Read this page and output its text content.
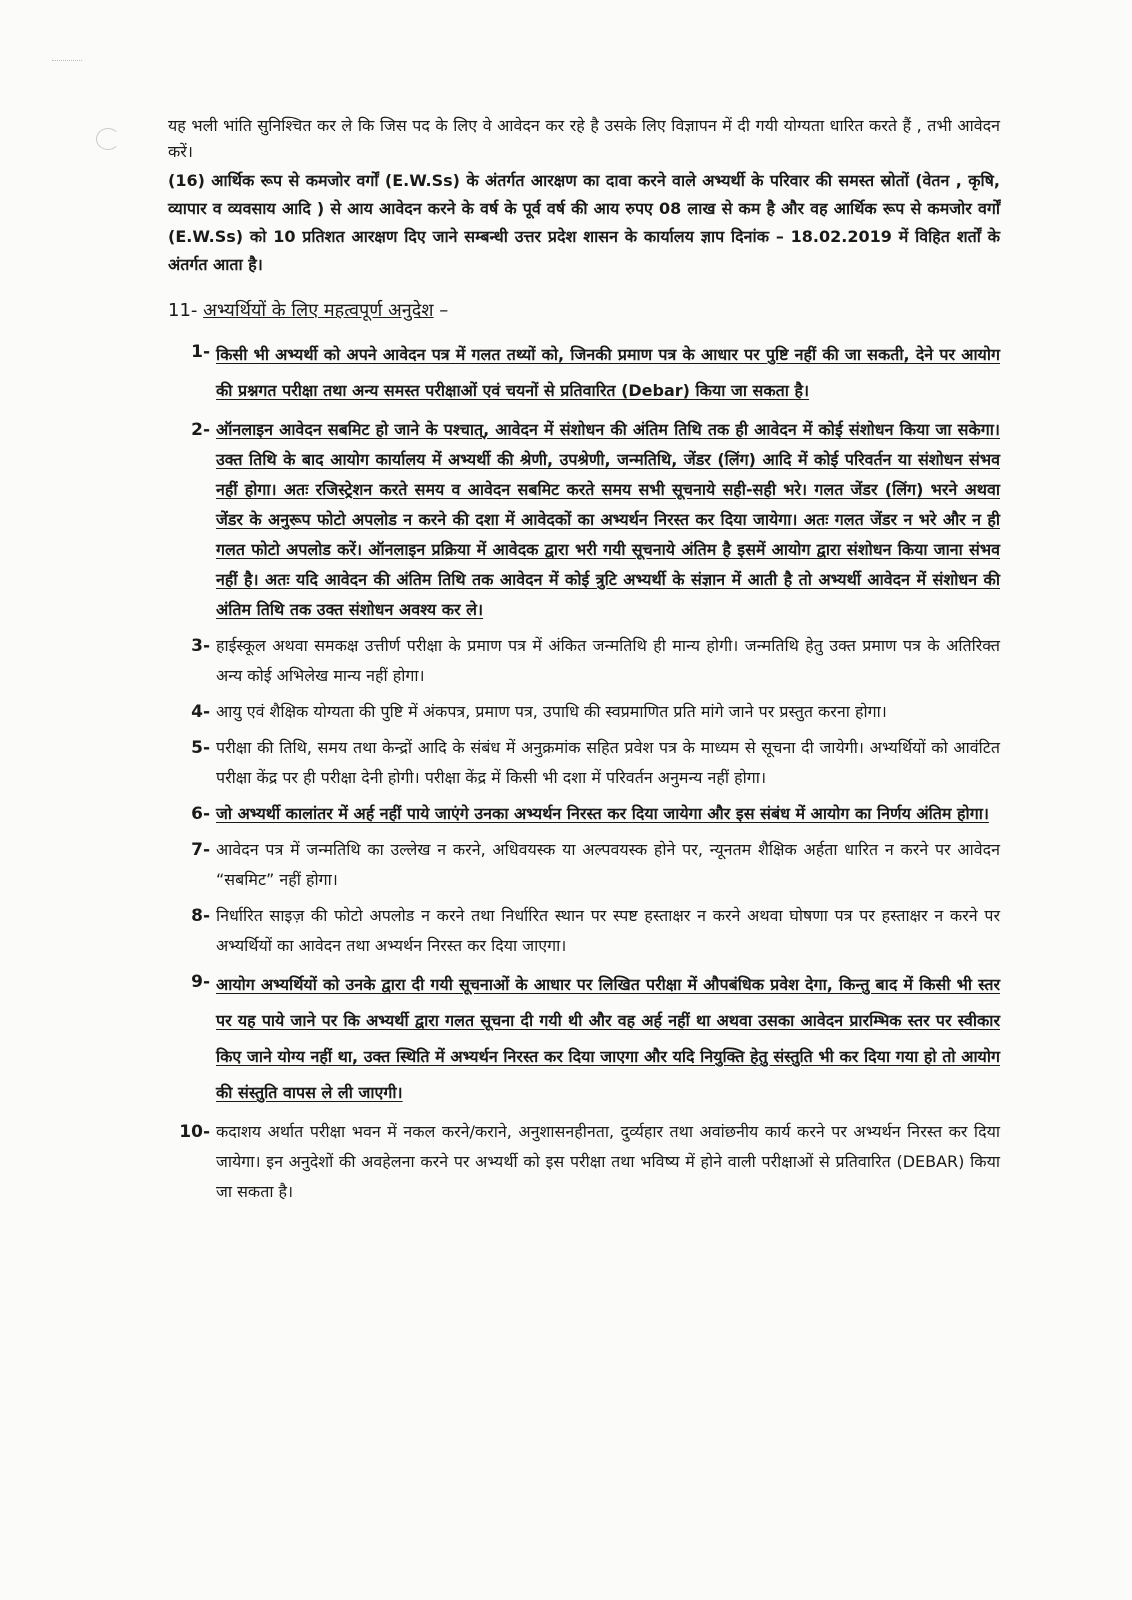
यह भली भांति सुनिश्चित कर ले कि जिस पद के लिए वे आवेदन कर रहे है उसके लिए विज्ञापन में दी गयी योग्यता धारित करते हैं , तभी आवेदन करें।

(16) आर्थिक रूप से कमजोर वर्गों (E.W.Ss) के अंतर्गत आरक्षण का दावा करने वाले अभ्यर्थी के परिवार की समस्त स्रोतों (वेतन , कृषि, व्यापार व व्यवसाय आदि ) से आय आवेदन करने के वर्ष के पूर्व वर्ष की आय रुपए 08 लाख से कम है और वह आर्थिक रूप से कमजोर वर्गों (E.W.Ss) को 10 प्रतिशत आरक्षण दिए जाने सम्बन्धी उत्तर प्रदेश शासन के कार्यालय ज्ञाप दिनांक – 18.02.2019 में विहित शर्तों के अंतर्गत आता है।

11- अभ्यर्थियों के लिए महत्वपूर्ण अनुदेश –
1- किसी भी अभ्यर्थी को अपने आवेदन पत्र में गलत तथ्यों को, जिनकी प्रमाण पत्र के आधार पर पुष्टि नहीं की जा सकती, देने पर आयोग की प्रश्नगत परीक्षा तथा अन्य समस्त परीक्षाओं एवं चयनों से प्रतिवारित (Debar) किया जा सकता है।
2- ऑनलाइन आवेदन सबमिट हो जाने के पश्चात्, आवेदन में संशोधन की अंतिम तिथि तक ही आवेदन में कोई संशोधन किया जा सकेगा। उक्त तिथि के बाद आयोग कार्यालय में अभ्यर्थी की श्रेणी, उपश्रेणी, जन्मतिथि, जेंडर (लिंग) आदि में कोई परिवर्तन या संशोधन संभव नहीं होगा। अतः रजिस्ट्रेशन करते समय व आवेदन सबमिट करते समय सभी सूचनाये सही-सही भरे। गलत जेंडर (लिंग) भरने अथवा जेंडर के अनुरूप फोटो अपलोड न करने की दशा में आवेदकों का अभ्यर्थन निरस्त कर दिया जायेगा। अतः गलत जेंडर न भरे और न ही गलत फोटो अपलोड करें। ऑनलाइन प्रक्रिया में आवेदक द्वारा भरी गयी सूचनाये अंतिम है इसमें आयोग द्वारा संशोधन किया जाना संभव नहीं है। अतः यदि आवेदन की अंतिम तिथि तक आवेदन में कोई त्रुटि अभ्यर्थी के संज्ञान में आती है तो अभ्यर्थी आवेदन में संशोधन की अंतिम तिथि तक उक्त संशोधन अवश्य कर ले।
3- हाईस्कूल अथवा समकक्ष उत्तीर्ण परीक्षा के प्रमाण पत्र में अंकित जन्मतिथि ही मान्य होगी। जन्मतिथि हेतु उक्त प्रमाण पत्र के अतिरिक्त अन्य कोई अभिलेख मान्य नहीं होगा।
4- आयु एवं शैक्षिक योग्यता की पुष्टि में अंकपत्र, प्रमाण पत्र, उपाधि की स्वप्रमाणित प्रति मांगे जाने पर प्रस्तुत करना होगा।
5- परीक्षा की तिथि, समय तथा केन्द्रों आदि के संबंध में अनुक्रमांक सहित प्रवेश पत्र के माध्यम से सूचना दी जायेगी। अभ्यर्थियों को आवंटित परीक्षा केंद्र पर ही परीक्षा देनी होगी। परीक्षा केंद्र में किसी भी दशा में परिवर्तन अनुमन्य नहीं होगा।
6- जो अभ्यर्थी कालांतर में अर्ह नहीं पाये जाएंगे उनका अभ्यर्थन निरस्त कर दिया जायेगा और इस संबंध में आयोग का निर्णय अंतिम होगा।
7- आवेदन पत्र में जन्मतिथि का उल्लेख न करने, अधिवयस्क या अल्पवयस्क होने पर, न्यूनतम शैक्षिक अर्हता धारित न करने पर आवेदन “सबमिट” नहीं होगा।
8- निर्धारित साइज़ की फोटो अपलोड न करने तथा निर्धारित स्थान पर स्पष्ट हस्ताक्षर न करने अथवा घोषणा पत्र पर हस्ताक्षर न करने पर अभ्यर्थियों का आवेदन तथा अभ्यर्थन निरस्त कर दिया जाएगा।
9- आयोग अभ्यर्थियों को उनके द्वारा दी गयी सूचनाओं के आधार पर लिखित परीक्षा में औपबंधिक प्रवेश देगा, किन्तु बाद में किसी भी स्तर पर यह पाये जाने पर कि अभ्यर्थी द्वारा गलत सूचना दी गयी थी और वह अर्ह नहीं था अथवा उसका आवेदन प्रारम्भिक स्तर पर स्वीकार किए जाने योग्य नहीं था, उक्त स्थिति में अभ्यर्थन निरस्त कर दिया जाएगा और यदि नियुक्ति हेतु संस्तुति भी कर दिया गया हो तो आयोग की संस्तुति वापस ले ली जाएगी।
10- कदाशय अर्थात परीक्षा भवन में नकल करने/कराने, अनुशासनहीनता, दुर्व्यहार तथा अवांछनीय कार्य करने पर अभ्यर्थन निरस्त कर दिया जायेगा। इन अनुदेशों की अवहेलना करने पर अभ्यर्थी को इस परीक्षा तथा भविष्य में होने वाली परीक्षाओं से प्रतिवारित (DEBAR) किया जा सकता है।
